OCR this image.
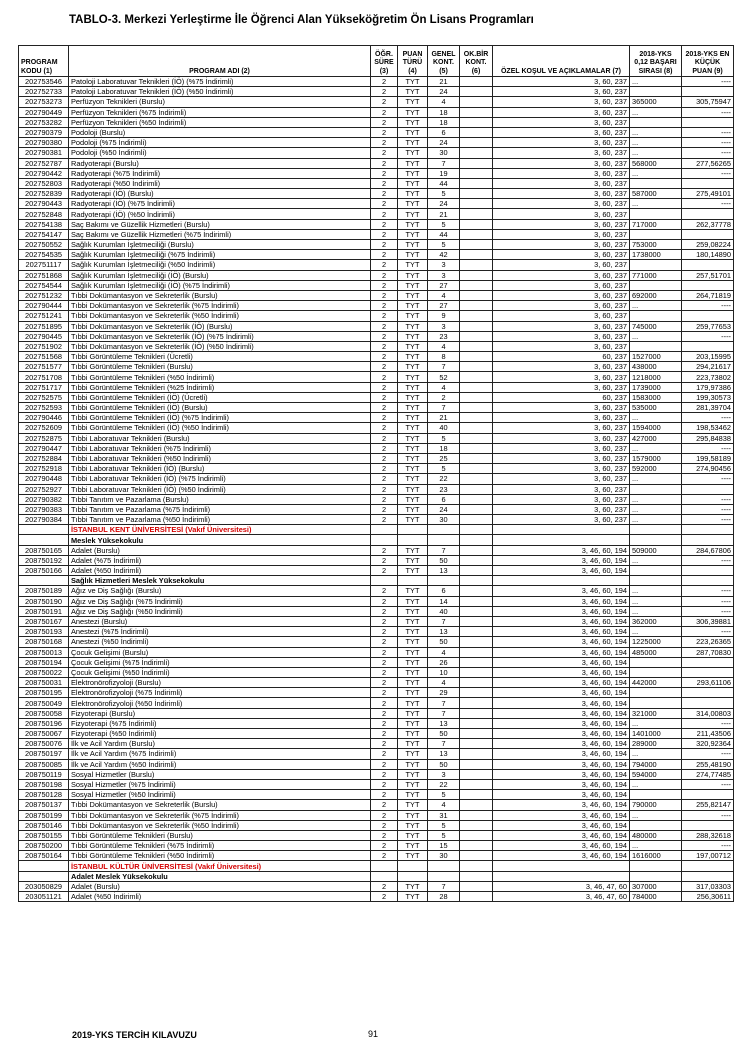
TABLO-3. Merkezi Yerleştirme İle Öğrenci Alan Yükseköğretim Ön Lisans Programları
PROGRAM KODU (1)	PROGRAM ADI (2)	ÖĞR. SÜRE (3)	PUAN TÜRÜ (4)	GENEL KONT. (5)	OK.BİR KONT. (6)	ÖZEL KOŞUL VE AÇIKLAMALAR (7)	2018-YKS 0,12 BAŞARI SIRASI (8)	2018-YKS EN KÜÇÜK PUAN (9)
202753546	Patoloji Laboratuvar Teknikleri (İÖ) (%75 İndirimli)	2	TYT	21		3, 60, 237	...	----
202752733	Patoloji Laboratuvar Teknikleri (İÖ) (%50 İndirimli)	2	TYT	24		3, 60, 237		
202753273	Perfüzyon Teknikleri (Burslu)	2	TYT	4		3, 60, 237	365000	305,75947
202790449	Perfüzyon Teknikleri (%75 İndirimli)	2	TYT	18		3, 60, 237	...	----
202753282	Perfüzyon Teknikleri (%50 İndirimli)	2	TYT	18		3, 60, 237		
202790379	Podoloji (Burslu)	2	TYT	6		3, 60, 237	...	----
202790380	Podoloji (%75 İndirimli)	2	TYT	24		3, 60, 237	...	----
202790381	Podoloji (%50 İndirimli)	2	TYT	30		3, 60, 237	...	----
202752787	Radyoterapi (Burslu)	2	TYT	7		3, 60, 237	568000	277,56265
202790442	Radyoterapi (%75 İndirimli)	2	TYT	19		3, 60, 237	...	----
202752803	Radyoterapi (%50 İndirimli)	2	TYT	44		3, 60, 237		
202752839	Radyoterapi (İÖ) (Burslu)	2	TYT	5		3, 60, 237	587000	275,49101
202790443	Radyoterapi (İÖ) (%75 İndirimli)	2	TYT	24		3, 60, 237	...	----
202752848	Radyoterapi (İÖ) (%50 İndirimli)	2	TYT	21		3, 60, 237		
202754138	Saç Bakımı ve Güzellik Hizmetleri (Burslu)	2	TYT	5		3, 60, 237	717000	262,37778
202754147	Saç Bakımı ve Güzellik Hizmetleri (%75 İndirimli)	2	TYT	44		3, 60, 237		
202750552	Sağlık Kurumları İşletmeciliği (Burslu)	2	TYT	5		3, 60, 237	753000	259,08224
202754535	Sağlık Kurumları İşletmeciliği (%75 İndirimli)	2	TYT	42		3, 60, 237	1738000	180,14890
202751117	Sağlık Kurumları İşletmeciliği (%50 İndirimli)	2	TYT	3		3, 60, 237		
202751868	Sağlık Kurumları İşletmeciliği (İÖ) (Burslu)	2	TYT	3		3, 60, 237	771000	257,51701
202754544	Sağlık Kurumları İşletmeciliği (İÖ) (%75 İndirimli)	2	TYT	27		3, 60, 237		
202751232	Tıbbi Dokümantasyon ve Sekreterlik (Burslu)	2	TYT	4		3, 60, 237	692000	264,71819
202790444	Tıbbi Dokümantasyon ve Sekreterlik (%75 İndirimli)	2	TYT	27		3, 60, 237	...	----
202751241	Tıbbi Dokümantasyon ve Sekreterlik (%50 İndirimli)	2	TYT	9		3, 60, 237		
202751895	Tıbbi Dokümantasyon ve Sekreterlik (İÖ) (Burslu)	2	TYT	3		3, 60, 237	745000	259,77653
202790445	Tıbbi Dokümantasyon ve Sekreterlik (İÖ) (%75 İndirimli)	2	TYT	23		3, 60, 237	...	----
202751902	Tıbbi Dokümantasyon ve Sekreterlik (İÖ) (%50 İndirimli)	2	TYT	4		3, 60, 237		
202751568	Tıbbi Görüntüleme Teknikleri (Ücretli)	2	TYT	8		60, 237	1527000	203,15995
202751577	Tıbbi Görüntüleme Teknikleri (Burslu)	2	TYT	7		3, 60, 237	438000	294,21617
202751708	Tıbbi Görüntüleme Teknikleri (%50 İndirimli)	2	TYT	52		3, 60, 237	1218000	223,73802
202751717	Tıbbi Görüntüleme Teknikleri (%25 İndirimli)	2	TYT	4		3, 60, 237	1739000	179,97386
202752575	Tıbbi Görüntüleme Teknikleri (İÖ) (Ücretli)	2	TYT	2		60, 237	1583000	199,30573
202752593	Tıbbi Görüntüleme Teknikleri (İÖ) (Burslu)	2	TYT	7		3, 60, 237	535000	281,39704
202790446	Tıbbi Görüntüleme Teknikleri (İÖ) (%75 İndirimli)	2	TYT	21		3, 60, 237	...	----
202752609	Tıbbi Görüntüleme Teknikleri (İÖ) (%50 İndirimli)	2	TYT	40		3, 60, 237	1594000	198,53462
202752875	Tıbbi Laboratuvar Teknikleri (Burslu)	2	TYT	5		3, 60, 237	427000	295,84838
202790447	Tıbbi Laboratuvar Teknikleri (%75 İndirimli)	2	TYT	18		3, 60, 237	...	----
202752884	Tıbbi Laboratuvar Teknikleri (%50 İndirimli)	2	TYT	25		3, 60, 237	1579000	199,58189
202752918	Tıbbi Laboratuvar Teknikleri (İÖ) (Burslu)	2	TYT	5		3, 60, 237	592000	274,90456
202790448	Tıbbi Laboratuvar Teknikleri (İÖ) (%75 İndirimli)	2	TYT	22		3, 60, 237	...	----
202752927	Tıbbi Laboratuvar Teknikleri (İÖ) (%50 İndirimli)	2	TYT	23		3, 60, 237		
202790382	Tıbbi Tanıtım ve Pazarlama (Burslu)	2	TYT	6		3, 60, 237	...	----
202790383	Tıbbi Tanıtım ve Pazarlama (%75 İndirimli)	2	TYT	24		3, 60, 237	...	----
202790384	Tıbbi Tanıtım ve Pazarlama (%50 İndirimli)	2	TYT	30		3, 60, 237	...	----
	İSTANBUL KENT ÜNİVERSİTESİ (Vakıf Üniversitesi)							
	Meslek Yüksekokulu							
208750165	Adalet (Burslu)	2	TYT	7		3, 46, 60, 194	509000	284,67806
208750192	Adalet (%75 İndirimli)	2	TYT	50		3, 46, 60, 194	...	----
208750166	Adalet (%50 İndirimli)	2	TYT	13		3, 46, 60, 194		
	Sağlık Hizmetleri Meslek Yüksekokulu							
208750189	Ağız ve Diş Sağlığı (Burslu)	2	TYT	6		3, 46, 60, 194	...	----
208750190	Ağız ve Diş Sağlığı (%75 İndirimli)	2	TYT	14		3, 46, 60, 194	...	----
208750191	Ağız ve Diş Sağlığı (%50 İndirimli)	2	TYT	40		3, 46, 60, 194	...	----
208750167	Anestezi (Burslu)	2	TYT	7		3, 46, 60, 194	362000	306,39881
208750193	Anestezi (%75 İndirimli)	2	TYT	13		3, 46, 60, 194	...	----
208750168	Anestezi (%50 İndirimli)	2	TYT	50		3, 46, 60, 194	1225000	223,26365
208750013	Çocuk Gelişimi (Burslu)	2	TYT	4		3, 46, 60, 194	485000	287,70830
208750194	Çocuk Gelişimi (%75 İndirimli)	2	TYT	26		3, 46, 60, 194		
208750022	Çocuk Gelişimi (%50 İndirimli)	2	TYT	10		3, 46, 60, 194		
208750031	Elektronörofizyoloji (Burslu)	2	TYT	4		3, 46, 60, 194	442000	293,61106
208750195	Elektronörofizyoloji (%75 İndirimli)	2	TYT	29		3, 46, 60, 194		
208750049	Elektronörofizyoloji (%50 İndirimli)	2	TYT	7		3, 46, 60, 194		
208750058	Fizyoterapi (Burslu)	2	TYT	7		3, 46, 60, 194	321000	314,00803
208750196	Fizyoterapi (%75 İndirimli)	2	TYT	13		3, 46, 60, 194	...	----
208750067	Fizyoterapi (%50 İndirimli)	2	TYT	50		3, 46, 60, 194	1401000	211,43506
208750076	İlk ve Acil Yardım (Burslu)	2	TYT	7		3, 46, 60, 194	289000	320,92364
208750197	İlk ve Acil Yardım (%75 İndirimli)	2	TYT	13		3, 46, 60, 194	...	----
208750085	İlk ve Acil Yardım (%50 İndirimli)	2	TYT	50		3, 46, 60, 194	794000	255,48190
208750119	Sosyal Hizmetler (Burslu)	2	TYT	3		3, 46, 60, 194	594000	274,77485
208750198	Sosyal Hizmetler (%75 İndirimli)	2	TYT	22		3, 46, 60, 194	...	----
208750128	Sosyal Hizmetler (%50 İndirimli)	2	TYT	5		3, 46, 60, 194		
208750137	Tıbbi Dokümantasyon ve Sekreterlik (Burslu)	2	TYT	4		3, 46, 60, 194	790000	255,82147
208750199	Tıbbi Dokümantasyon ve Sekreterlik (%75 İndirimli)	2	TYT	31		3, 46, 60, 194	...	----
208750146	Tıbbi Dokümantasyon ve Sekreterlik (%50 İndirimli)	2	TYT	5		3, 46, 60, 194		
208750155	Tıbbi Görüntüleme Teknikleri (Burslu)	2	TYT	5		3, 46, 60, 194	480000	288,32618
208750200	Tıbbi Görüntüleme Teknikleri (%75 İndirimli)	2	TYT	15		3, 46, 60, 194	...	----
208750164	Tıbbi Görüntüleme Teknikleri (%50 İndirimli)	2	TYT	30		3, 46, 60, 194	1616000	197,00712
	İSTANBUL KÜLTÜR ÜNİVERSİTESİ (Vakıf Üniversitesi)							
	Adalet Meslek Yüksekokulu							
203050829	Adalet (Burslu)	2	TYT	7		3, 46, 47, 60	307000	317,03303
203051121	Adalet (%50 İndirimli)	2	TYT	28		3, 46, 47, 60	784000	256,30611
2019-YKS TERCİH KILAVUZU	91
